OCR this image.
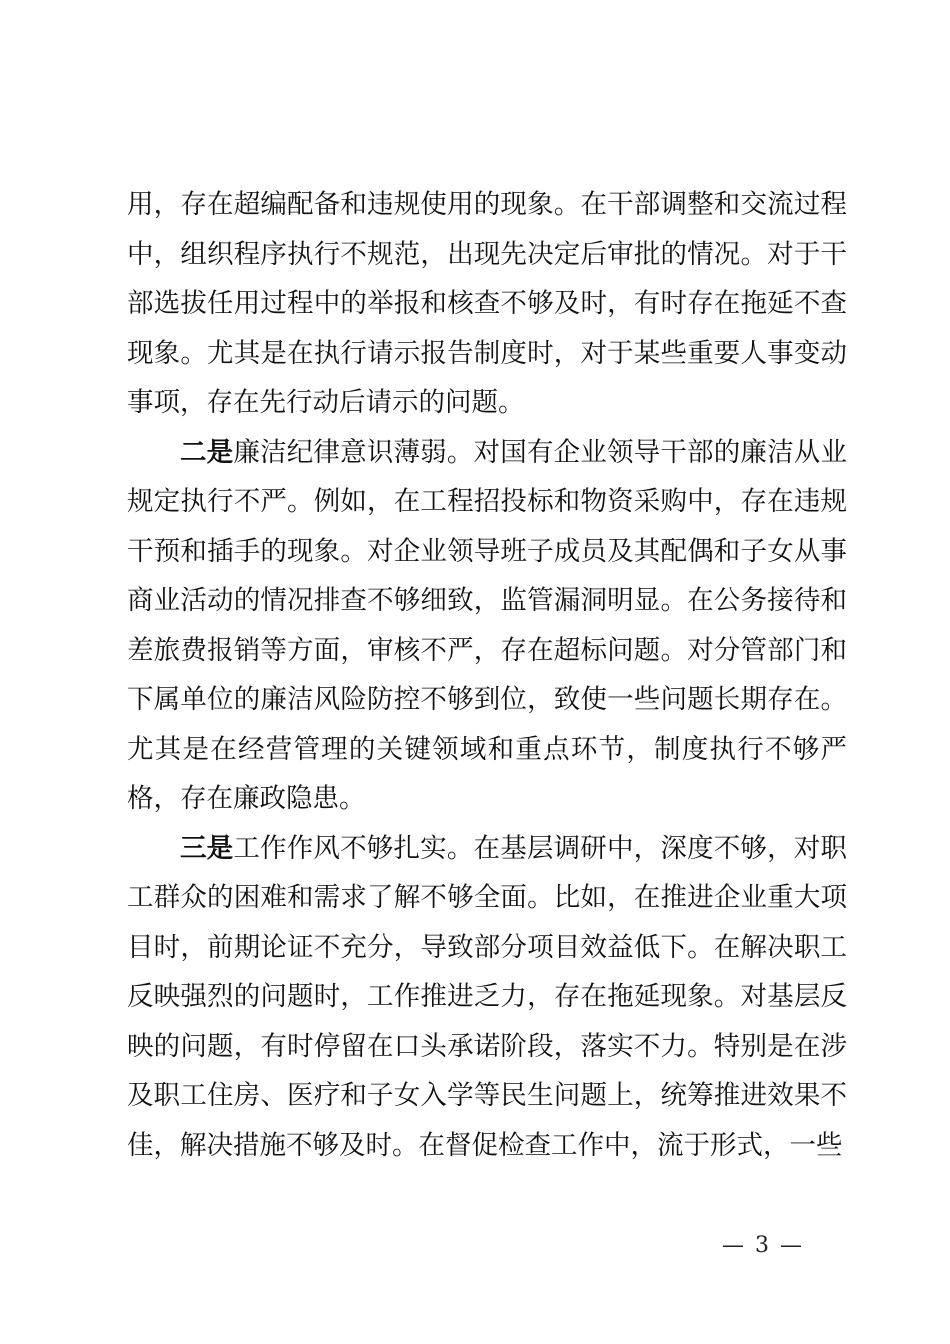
用，存在超编配备和违规使用的现象。在干部调整和交流过程中，组织程序执行不规范，出现先决定后审批的情况。对于干部选拔任用过程中的举报和核查不够及时，有时存在拖延不查现象。尤其是在执行请示报告制度时，对于某些重要人事变动事项，存在先行动后请示的问题。

二是廉洁纪律意识薄弱。对国有企业领导干部的廉洁从业规定执行不严。例如，在工程招投标和物资采购中，存在违规干预和插手的现象。对企业领导班子成员及其配偶和子女从事商业活动的情况排查不够细致，监管漏洞明显。在公务接待和差旅费报销等方面，审核不严，存在超标问题。对分管部门和下属单位的廉洁风险防控不够到位，致使一些问题长期存在。尤其是在经营管理的关键领域和重点环节，制度执行不够严格，存在廉政隐患。

三是工作作风不够扎实。在基层调研中，深度不够，对职工群众的困难和需求了解不够全面。比如，在推进企业重大项目时，前期论证不充分，导致部分项目效益低下。在解决职工反映强烈的问题时，工作推进乏力，存在拖延现象。对基层反映的问题，有时停留在口头承诺阶段，落实不力。特别是在涉及职工住房、医疗和子女入学等民生问题上，统筹推进效果不佳，解决措施不够及时。在督促检查工作中，流于形式，一些

— 3 —
